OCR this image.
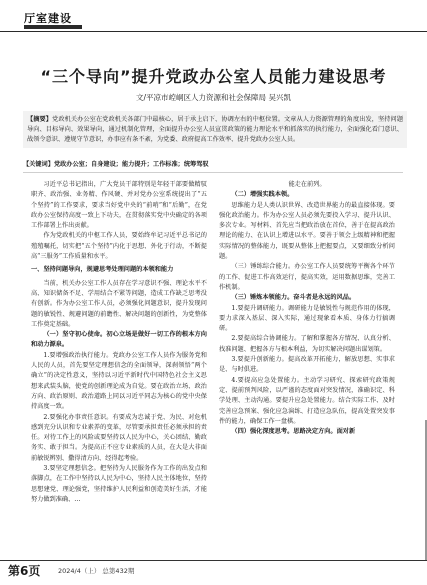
厅室建设
“三个导向”提升党政办公室人员能力建设思考
文/平凉市崆峒区人力资源和社会保障局 吴兴凯
【摘要】党政机关办公室在党政机关各部门中最核心，居于承上启下、协调左右的中枢位置。文章从人力资源管理的角度出发，坚持问题导向、目标导向、效果导向，通过机制化管理，全面提升办公室人员宣贯政策的能力理论水平和抓落实的执行能力，全面强化看门意识、战领令意识、遵规守节意识，办事应有条不紊，为党委、政府提高工作效率、提升党政办公室人员。
【关键词】党政办公室；自身建设；能力提升；工作标准；统筹驾驭

习近平总书记指出，广大党员干部特别是年轻干部要做精驭职齐、政治强、业务精、作风硬、并对党办公室系统提出了“五个坚持”的工作要求，要求当好党中央的“前哨”和“后勤”，在党政办公室保持高度一致上下功夫，在贯彻落实党中央确定的各项工作部署上作出贡献。

作为党政机关的中枢工作人员，要始终牟记习近平总书记的殖殖嘱托，切实把“五个坚持”内化于思想、外化于行动，不断提高“三服务”工作质量和水平。

一、坚持问题导向，规避思考处理问题的本领和能力

当前，机关办公室工作人员存在学习意识不强、理论水平不高、知识储备不足、学用结合不紧等问题，造成工作缺乏思考没有创新。作为办公室工作人员，必须强化问题意识，提升发现问题的敏锐性、规避问题的前瞻性、解决问题的创新性，为党整体工作奠定基础。

（一）坚守初心使命。初心立场是做好一切工作的根本方向和动力源泉。

1.要增强政治执行能力。党政办公室工作人员作为服务党和人民的人员，首先要坚定理想信念的全面领导，深刹领悟“两个确立”的决定性意义，坚持以习近平新时代中国特色社会主义思想来武装头脑，使党的创新理论成为自觉。要在政治立场、政治方向、政治原则、政治道路上同以习近平同志为核心的党中央保持高度一致。

2.要强化办事责任意识。有要成为忠诚于党、为民、对危机感到充分认识和专业素养的变革，尽管要承担责任必须承担的责任。对待工作上的风险或要坚持以人民为中心，关心团结、勤政务实、敢于担当。为提高正不应专业素质的人员，在大是大非面前敏锐辨别、撒得清方向、经得起考验。

3.要坚定理想信念。把坚持为人民服务作为工作的出发点和落脚点，在工作中坚持以人民为中心，坚持人民主体地位，坚持思想建党、理论强党，坚持维护人民利益和创造美好生活，才能努力做到准确、…

能走在前列。

（二）增强实践本领。

思维能力是人类认识世界、改造世界能力的最直接体现。要强化政治能力。作为办公室人员必须先要投入学习、提升认识、多次专业。写材料、首先应当把政治放在首位，善于在提高政治理论的能力、在认识上增进以水平。要善于领会上级精神和把握实际情况的整体能力，既要从整体上把握要点，又要细致分析问题。

（三）锤练综合能力。办公室工作人员要统筹平衡各个环节的工作、促进工作高效运行，提高实效，运用数据思维，完善工作机制。

（三）锤炼本领能力。奋斗者是永远的风品。

1.要提升调研能力。调研能力是敏锐性与规范作用的体现，要力求深入基层、深入实际，通过现象看本质、身体力行搞调研。

2.要提高综合协调能力。了解和掌握各方情况、认真分析、找准问题、把握各方与根本利益，为切实解决问题出谋划策。

3.要提升创新能力。提高改革开拓能力，解放思想、实事求是、与时俱进。

4.要提高应急处置能力。主动学习研究、探索研究政策规定、提前预判风险，以严谨的态度面对突发情况，准确识定、科学处理、主动沟通。要提升应急处置能力。结合实际工作、及时完善应急预案、强化应急演练、打造应急队伍，提高处置突发事件的能力，确保工作一盘棋。

（四）强化深度思考。思路决定方向。面对新

第6页	2024/4（上） 总第432期
